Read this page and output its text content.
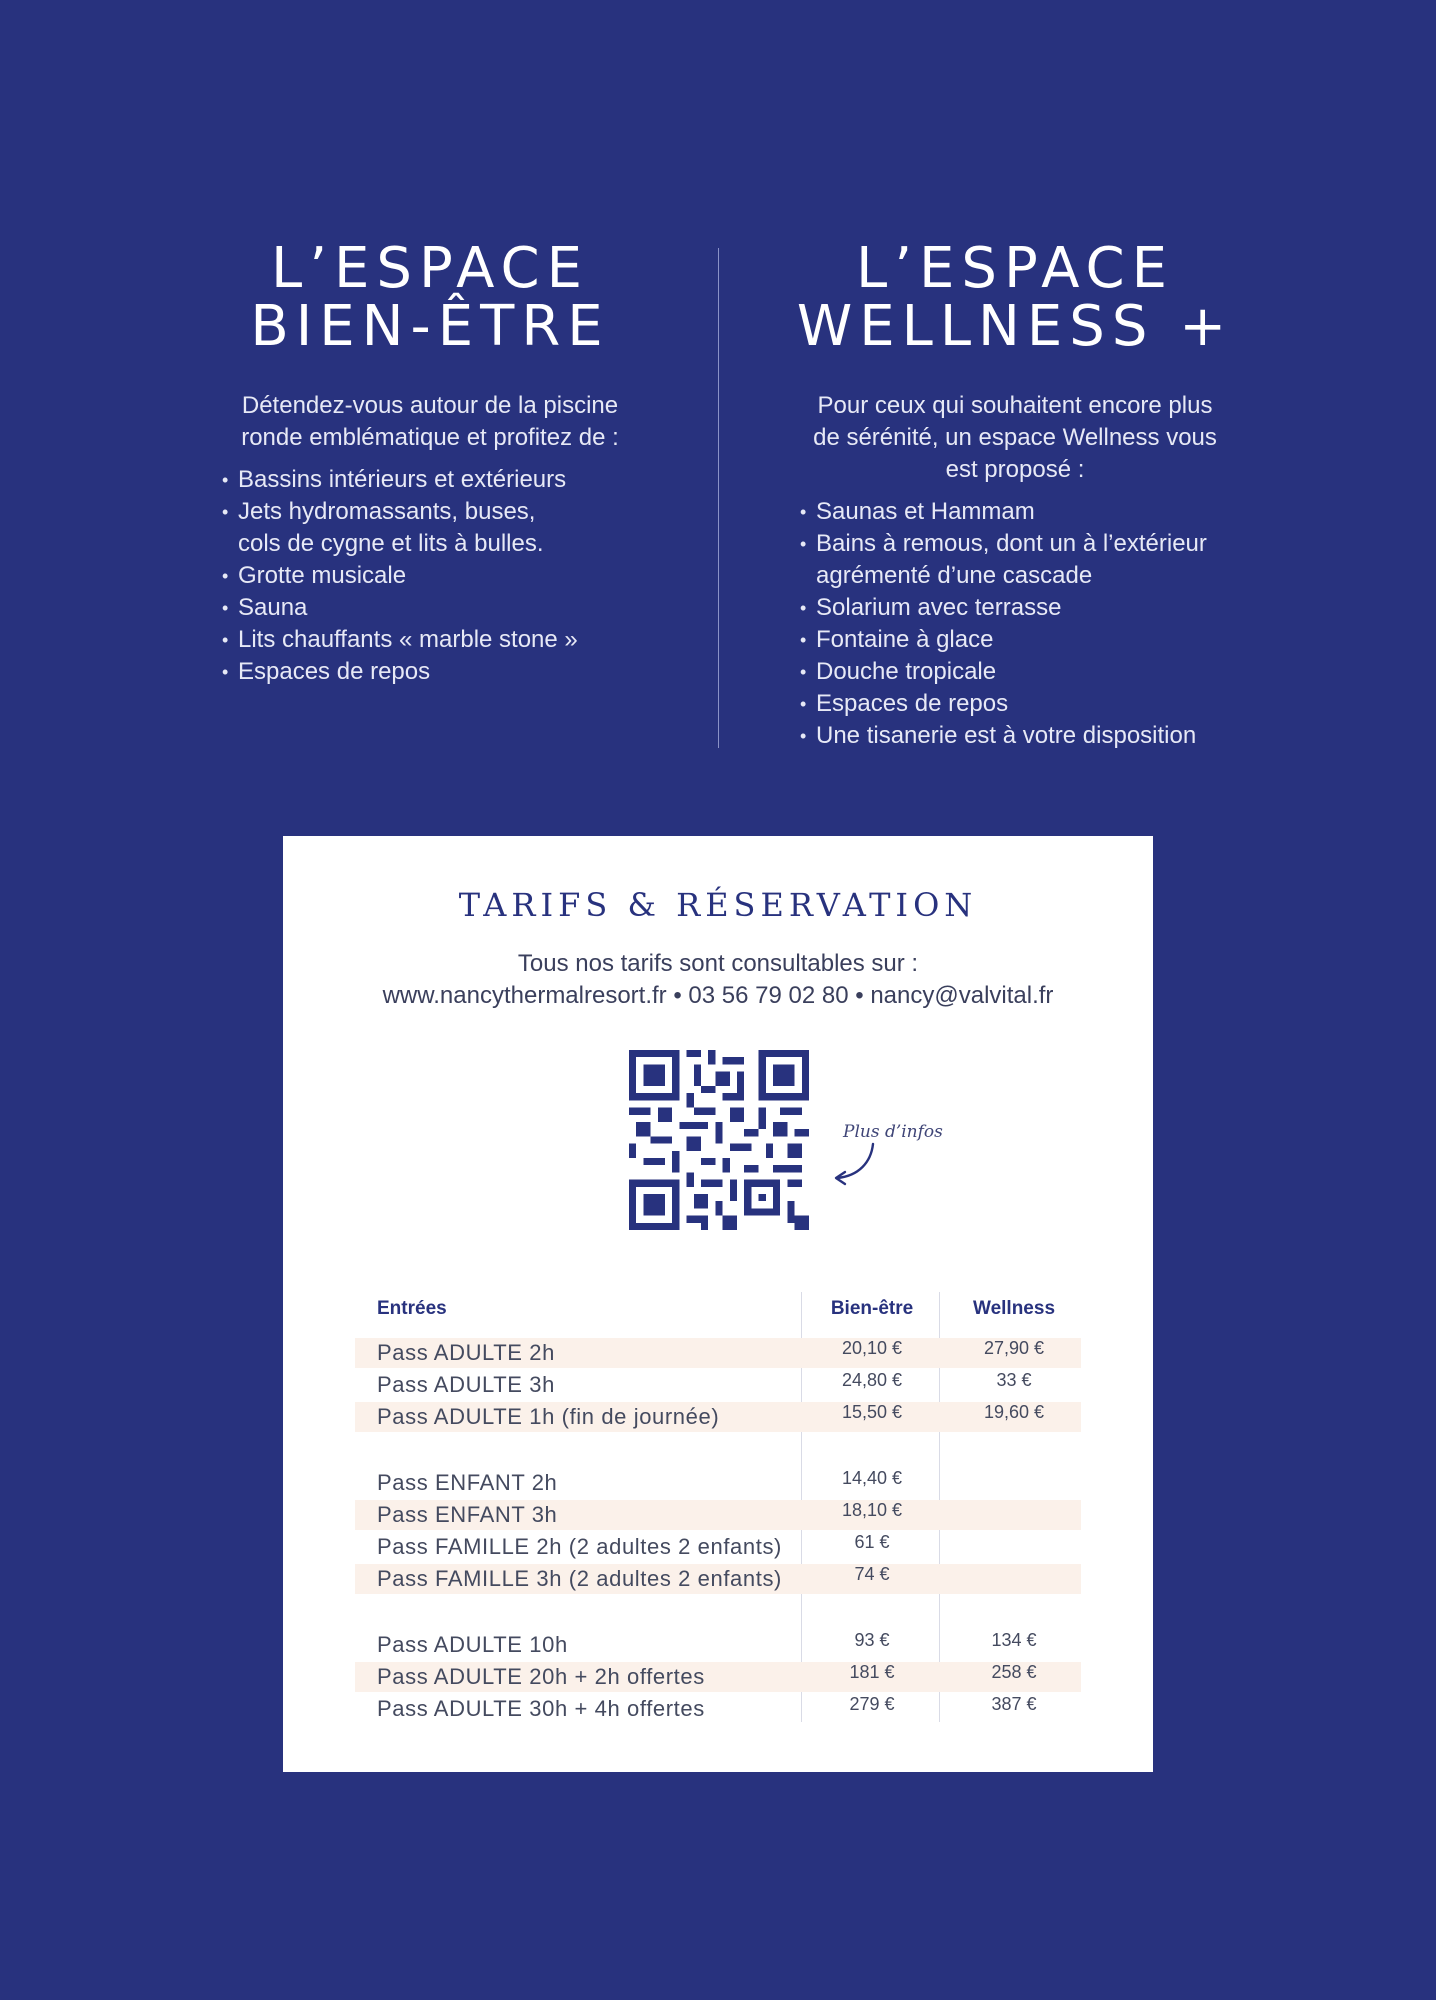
L’ESPACE
BIEN-ÊTRE
Détendez-vous autour de la piscine
ronde emblématique et profitez de :
• Bassins intérieurs et extérieurs
• Jets hydromassants, buses,
cols de cygne et lits à bulles.
• Grotte musicale
• Sauna
• Lits chauffants « marble stone »
• Espaces de repos
L’ESPACE
WELLNESS +
Pour ceux qui souhaitent encore plus
de sérénité, un espace Wellness vous
est proposé :
• Saunas et Hammam
• Bains à remous, dont un à l’extérieur
agrémenté d’une cascade
• Solarium avec terrasse
• Fontaine à glace
• Douche tropicale
• Espaces de repos
• Une tisanerie est à votre disposition
TARIFS & RÉSERVATION
Tous nos tarifs sont consultables sur :
www.nancythermalresort.fr • 03 56 79 02 80 • nancy@valvital.fr
Plus d’infos
Entrées	Bien-être	Wellness
Pass ADULTE 2h	20,10 €	27,90 €
Pass ADULTE 3h	24,80 €	33 €
Pass ADULTE 1h (fin de journée)	15,50 €	19,60 €
Pass ENFANT 2h	14,40 €
Pass ENFANT 3h	18,10 €
Pass FAMILLE 2h (2 adultes 2 enfants)	61 €
Pass FAMILLE 3h (2 adultes 2 enfants)	74 €
Pass ADULTE 10h	93 €	134 €
Pass ADULTE 20h + 2h offertes	181 €	258 €
Pass ADULTE 30h + 4h offertes	279 €	387 €
